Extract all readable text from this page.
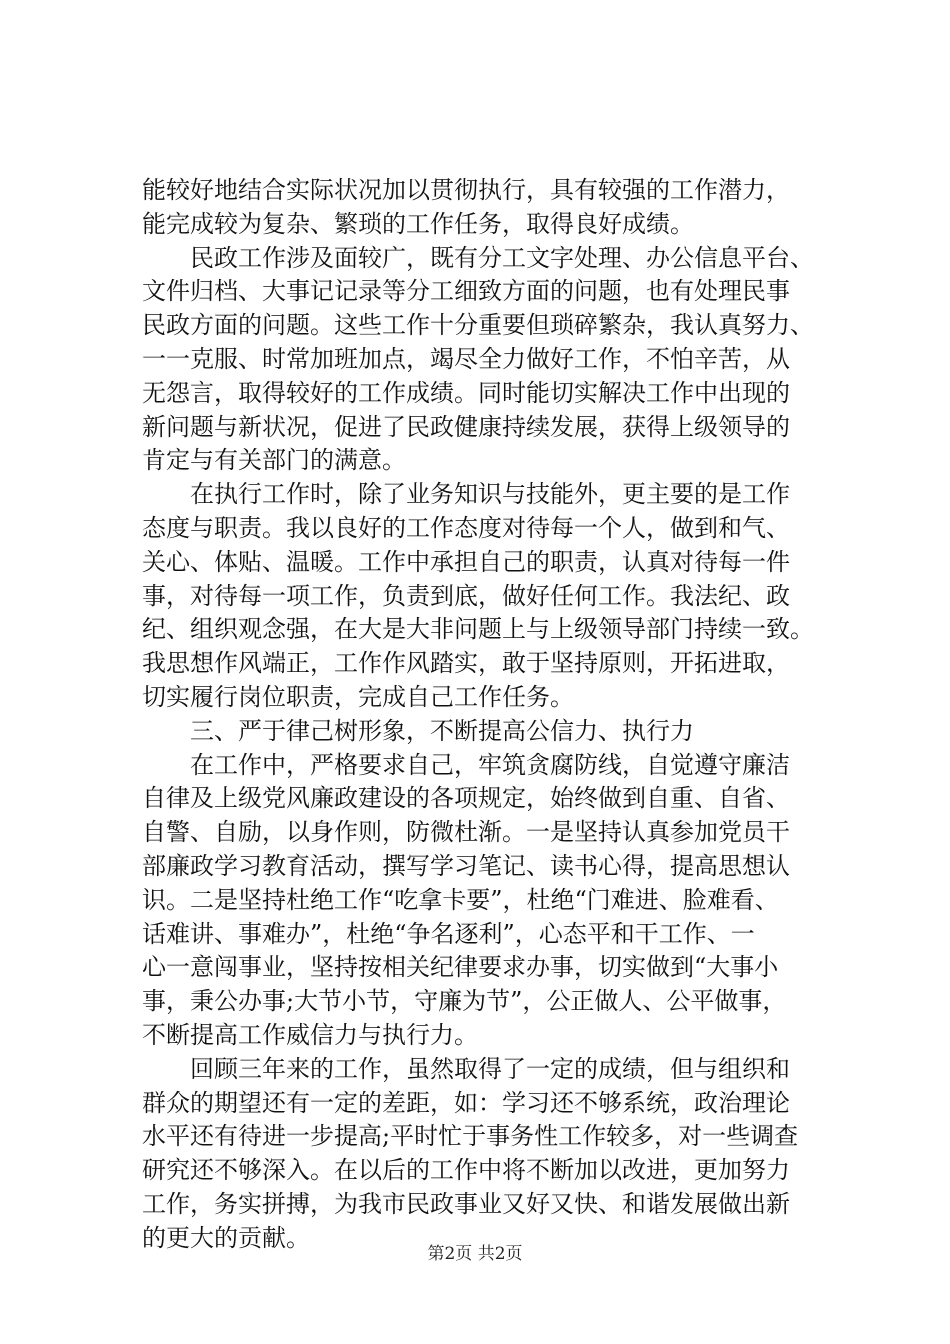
能较好地结合实际状况加以贯彻执行，具有较强的工作潜力，
能完成较为复杂、繁琐的工作任务，取得良好成绩。
　　民政工作涉及面较广，既有分工文字处理、办公信息平台、
文件归档、大事记记录等分工细致方面的问题，也有处理民事
民政方面的问题。这些工作十分重要但琐碎繁杂，我认真努力、
一一克服、时常加班加点，竭尽全力做好工作，不怕辛苦，从
无怨言，取得较好的工作成绩。同时能切实解决工作中出现的
新问题与新状况，促进了民政健康持续发展，获得上级领导的
肯定与有关部门的满意。
　　在执行工作时，除了业务知识与技能外，更主要的是工作
态度与职责。我以良好的工作态度对待每一个人，做到和气、
关心、体贴、温暖。工作中承担自己的职责，认真对待每一件
事，对待每一项工作，负责到底，做好任何工作。我法纪、政
纪、组织观念强，在大是大非问题上与上级领导部门持续一致。
我思想作风端正，工作作风踏实，敢于坚持原则，开拓进取，
切实履行岗位职责，完成自己工作任务。
　　三、严于律己树形象，不断提高公信力、执行力
　　在工作中，严格要求自己，牢筑贪腐防线，自觉遵守廉洁
自律及上级党风廉政建设的各项规定，始终做到自重、自省、
自警、自励，以身作则，防微杜渐。一是坚持认真参加党员干
部廉政学习教育活动，撰写学习笔记、读书心得，提高思想认
识。二是坚持杜绝工作“吃拿卡要”，杜绝“门难进、脸难看、
话难讲、事难办”，杜绝“争名逐利”，心态平和干工作、一
心一意闯事业，坚持按相关纪律要求办事，切实做到“大事小
事，秉公办事;大节小节，守廉为节”，公正做人、公平做事，
不断提高工作威信力与执行力。
　　回顾三年来的工作，虽然取得了一定的成绩，但与组织和
群众的期望还有一定的差距，如：学习还不够系统，政治理论
水平还有待进一步提高;平时忙于事务性工作较多，对一些调查
研究还不够深入。在以后的工作中将不断加以改进，更加努力
工作，务实拼搏，为我市民政事业又好又快、和谐发展做出新
的更大的贡献。
第2页 共2页
